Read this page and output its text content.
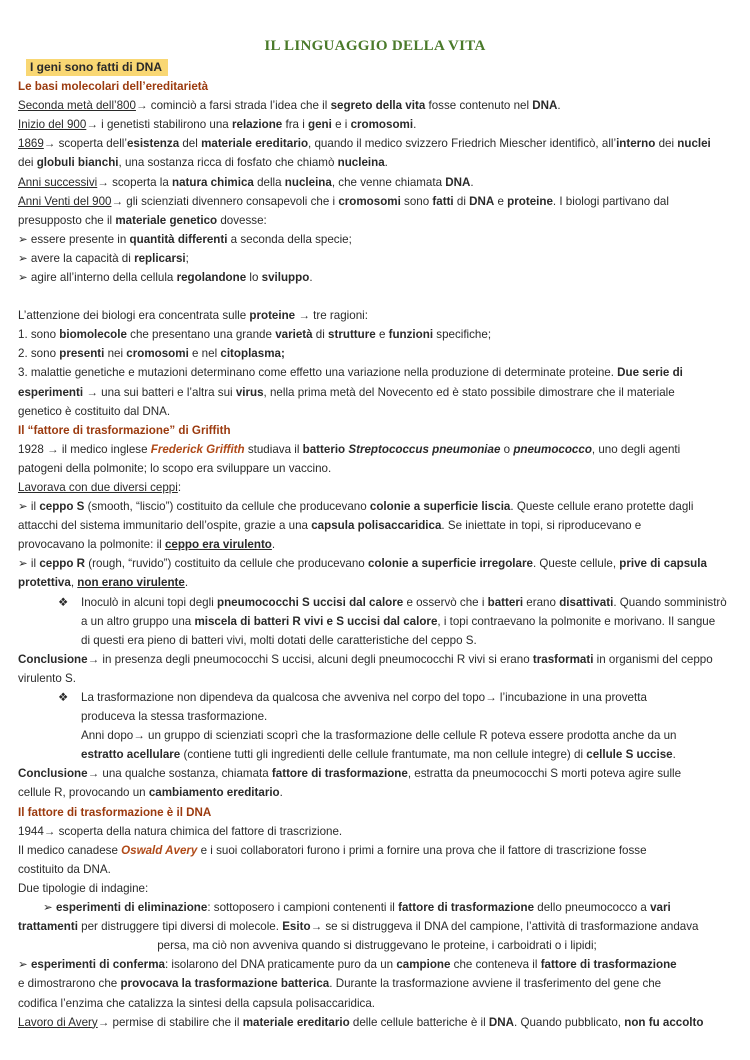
IL LINGUAGGIO DELLA VITA

I geni sono fatti di DNA

Le basi molecolari dell’ereditarietà

Seconda metà dell’800→ cominciò a farsi strada l’idea che il segreto della vita fosse contenuto nel DNA.

Inizio del 900→ i genetisti stabilirono una relazione fra i geni e i cromosomi.

1869→ scoperta dell’esistenza del materiale ereditario, quando il medico svizzero Friedrich Miescher identificò, all’interno dei nuclei

dei globuli bianchi, una sostanza ricca di fosfato che chiamò nucleina.

Anni successivi→ scoperta la natura chimica della nucleina, che venne chiamata DNA.

Anni Venti del 900→ gli scienziati divennero consapevoli che i cromosomi sono fatti di DNA e proteine. I biologi partivano dal

presupposto che il materiale genetico dovesse:

➢ essere presente in quantità differenti a seconda della specie;

➢ avere la capacità di replicarsi;

➢ agire all’interno della cellula regolandone lo sviluppo.

L’attenzione dei biologi era concentrata sulle proteine → tre ragioni:

1. sono biomolecole che presentano una grande varietà di strutture e funzioni specifiche;

2. sono presenti nei cromosomi e nel citoplasma;

3. malattie genetiche e mutazioni determinano come effetto una variazione nella produzione di determinate proteine. Due serie di

esperimenti → una sui batteri e l’altra sui virus, nella prima metà del Novecento ed è stato possibile dimostrare che il materiale

genetico è costituito dal DNA.

Il “fattore di trasformazione” di Griffith

1928 → il medico inglese Frederick Griffith studiava il batterio Streptococcus pneumoniae o pneumococco, uno degli agenti

patogeni della polmonite; lo scopo era sviluppare un vaccino.

Lavorava con due diversi ceppi:

➢ il ceppo S (smooth, “liscio”) costituito da cellule che producevano colonie a superficie liscia. Queste cellule erano protette dagli

attacchi del sistema immunitario dell’ospite, grazie a una capsula polisaccaridica. Se iniettate in topi, si riproducevano e

provocavano la polmonite: il ceppo era virulento.

➢ il ceppo R (rough, “ruvido”) costituito da cellule che producevano colonie a superficie irregolare. Queste cellule, prive di capsula

protettiva, non erano virulente.

❖ Inoculò in alcuni topi degli pneumococchi S uccisi dal calore e osservò che i batteri erano disattivati. Quando somministrò

a un altro gruppo una miscela di batteri R vivi e S uccisi dal calore, i topi contraevano la polmonite e morivano. Il sangue

di questi era pieno di batteri vivi, molti dotati delle caratteristiche del ceppo S.

Conclusione→ in presenza degli pneumococchi S uccisi, alcuni degli pneumococchi R vivi si erano trasformati in organismi del ceppo

virulento S.

❖ La trasformazione non dipendeva da qualcosa che avveniva nel corpo del topo→ l’incubazione in una provetta

produceva la stessa trasformazione.

Anni dopo→ un gruppo di scienziati scoprì che la trasformazione delle cellule R poteva essere prodotta anche da un

estratto acellulare (contiene tutti gli ingredienti delle cellule frantumate, ma non cellule integre) di cellule S uccise.

Conclusione→ una qualche sostanza, chiamata fattore di trasformazione, estratta da pneumococchi S morti poteva agire sulle

cellule R, provocando un cambiamento ereditario.

Il fattore di trasformazione è il DNA

1944→ scoperta della natura chimica del fattore di trascrizione.

Il medico canadese Oswald Avery e i suoi collaboratori furono i primi a fornire una prova che il fattore di trascrizione fosse

costituito da DNA.

Due tipologie di indagine:

➢ esperimenti di eliminazione: sottoposero i campioni contenenti il fattore di trasformazione dello pneumococco a vari

trattamenti per distruggere tipi diversi di molecole. Esito→ se si distruggeva il DNA del campione, l’attività di trasformazione andava

persa, ma ciò non avveniva quando si distruggevano le proteine, i carboidrati o i lipidi;

➢ esperimenti di conferma: isolarono del DNA praticamente puro da un campione che conteneva il fattore di trasformazione

e dimostrarono che provocava la trasformazione batterica. Durante la trasformazione avviene il trasferimento del gene che

codifica l’enzima che catalizza la sintesi della capsula polisaccaridica.

Lavoro di Avery→ permise di stabilire che il materiale ereditario delle cellule batteriche è il DNA. Quando pubblicato, non fu accolto
